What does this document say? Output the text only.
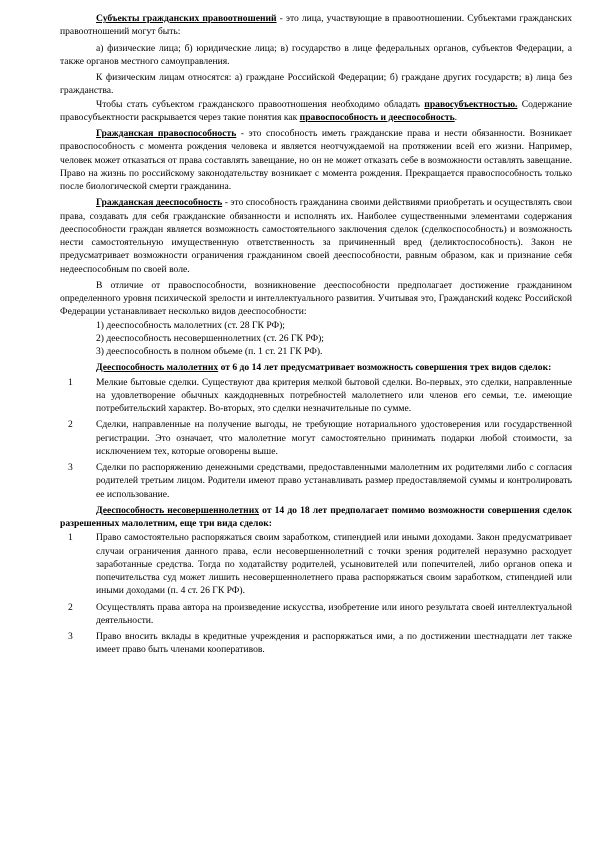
Субъекты гражданских правоотношений - это лица, участвующие в правоотношении. Субъектами гражданских правоотношений могут быть:

а) физические лица; б) юридические лица; в) государство в лице федеральных органов, субъектов Федерации, а также органов местного самоуправления.

К физическим лицам относятся: а) граждане Российской Федерации; б) граждане других государств; в) лица без гражданства.

Чтобы стать субъектом гражданского правоотношения необходимо обладать правосубъектностью. Содержание правосубъектности раскрывается через такие понятия как правоспособность и дееспособность.

Гражданская правоспособность - это способность иметь гражданские права и нести обязанности. Возникает правоспособность с момента рождения человека и является неотчуждаемой на протяжении всей его жизни. Например, человек может отказаться от права составлять завещание, но он не может отказать себе в возможности оставлять завещание. Право на жизнь по российскому законодательству возникает с момента рождения. Прекращается правоспособность только после биологической смерти гражданина.

Гражданская дееспособность - это способность гражданина своими действиями приобретать и осуществлять свои права, создавать для себя гражданские обязанности и исполнять их. Наиболее существенными элементами содержания дееспособности граждан является возможность самостоятельного заключения сделок (сделкоспособность) и возможность нести самостоятельную имущественную ответственность за причиненный вред (деликтоспособность). Закон не предусматривает возможности ограничения гражданином своей дееспособности, равным образом, как и признание себя недееспособным по своей воле.

В отличие от правоспособности, возникновение дееспособности предполагает достижение гражданином определенного уровня психической зрелости и интеллектуального развития. Учитывая это, Гражданский кодекс Российской Федерации устанавливает несколько видов дееспособности:

1) дееспособность малолетних (ст. 28 ГК РФ);

2) дееспособность несовершеннолетних (ст. 26 ГК РФ);

3) дееспособность в полном объеме (п. 1 ст. 21 ГК РФ).

Дееспособность малолетних от 6 до 14 лет предусматривает возможность совершения трех видов сделок:

1 Мелкие бытовые сделки. Существуют два критерия мелкой бытовой сделки. Во-первых, это сделки, направленные на удовлетворение обычных каждодневных потребностей малолетнего или членов его семьи, т.е. имеющие потребительский характер. Во-вторых, это сделки незначительные по сумме.
2 Сделки, направленные на получение выгоды, не требующие нотариального удостоверения или государственной регистрации. Это означает, что малолетние могут самостоятельно принимать подарки любой стоимости, за исключением тех, которые оговорены выше.
3 Сделки по распоряжению денежными средствами, предоставленными малолетним их родителями либо с согласия родителей третьим лицом. Родители имеют право устанавливать размер предоставляемой суммы и контролировать ее использование.

Дееспособность несовершеннолетних от 14 до 18 лет предполагает помимо возможности совершения сделок разрешенных малолетним, еще три вида сделок:

1 Право самостоятельно распоряжаться своим заработком, стипендией или иными доходами. Закон предусматривает случаи ограничения данного права, если несовершеннолетний с точки зрения родителей неразумно расходует заработанные средства. Тогда по ходатайству родителей, усыновителей или попечителей, либо органов опека и попечительства суд может лишить несовершеннолетнего права распоряжаться своим заработком, стипендией или иными доходами (п. 4 ст. 26 ГК РФ).
2 Осуществлять права автора на произведение искусства, изобретение или иного результата своей интеллектуальной деятельности.
3 Право вносить вклады в кредитные учреждения и распоряжаться ими, а по достижении шестнадцати лет также имеет право быть членами кооперативов.
